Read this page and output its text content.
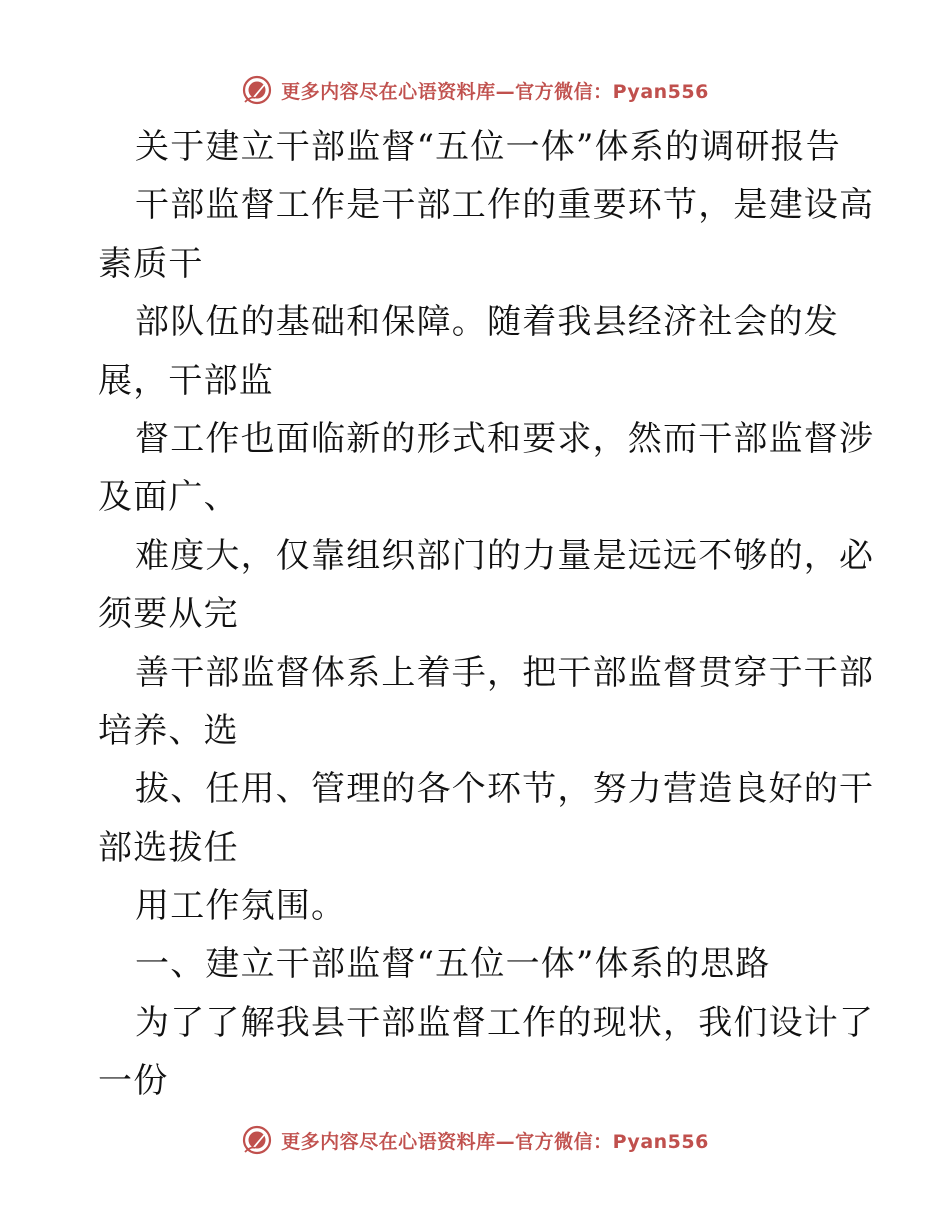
更多内容尽在心语资料库—官方微信：Pyan556
关于建立干部监督“五位一体”体系的调研报告
干部监督工作是干部工作的重要环节，是建设高
素质干
部队伍的基础和保障。随着我县经济社会的发
展，干部监
督工作也面临新的形式和要求，然而干部监督涉
及面广、
难度大，仅靠组织部门的力量是远远不够的，必
须要从完
善干部监督体系上着手，把干部监督贯穿于干部
培养、选
拔、任用、管理的各个环节，努力营造良好的干
部选拔任
用工作氛围。
一、建立干部监督“五位一体”体系的思路
为了了解我县干部监督工作的现状，我们设计了
一份
更多内容尽在心语资料库—官方微信：Pyan556
